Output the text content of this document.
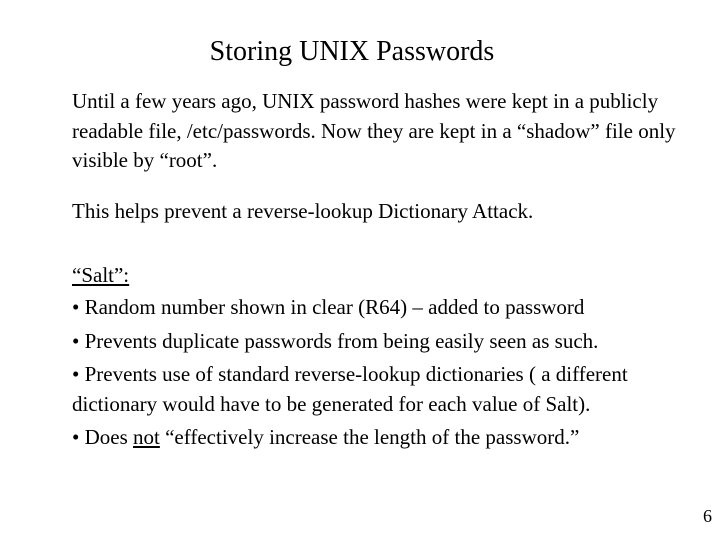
Storing UNIX Passwords
Until a few years ago, UNIX password hashes were kept in a publicly readable file, /etc/passwords. Now they are kept in a “shadow” file only visible by “root”.
This helps prevent a reverse-lookup Dictionary Attack.
“Salt”:
• Random number shown in clear (R64) – added to password
• Prevents duplicate passwords from being easily seen as such.
• Prevents use of standard reverse-lookup dictionaries ( a different dictionary would have to be generated for each value of Salt).
• Does not “effectively increase the length of the password.”
6
